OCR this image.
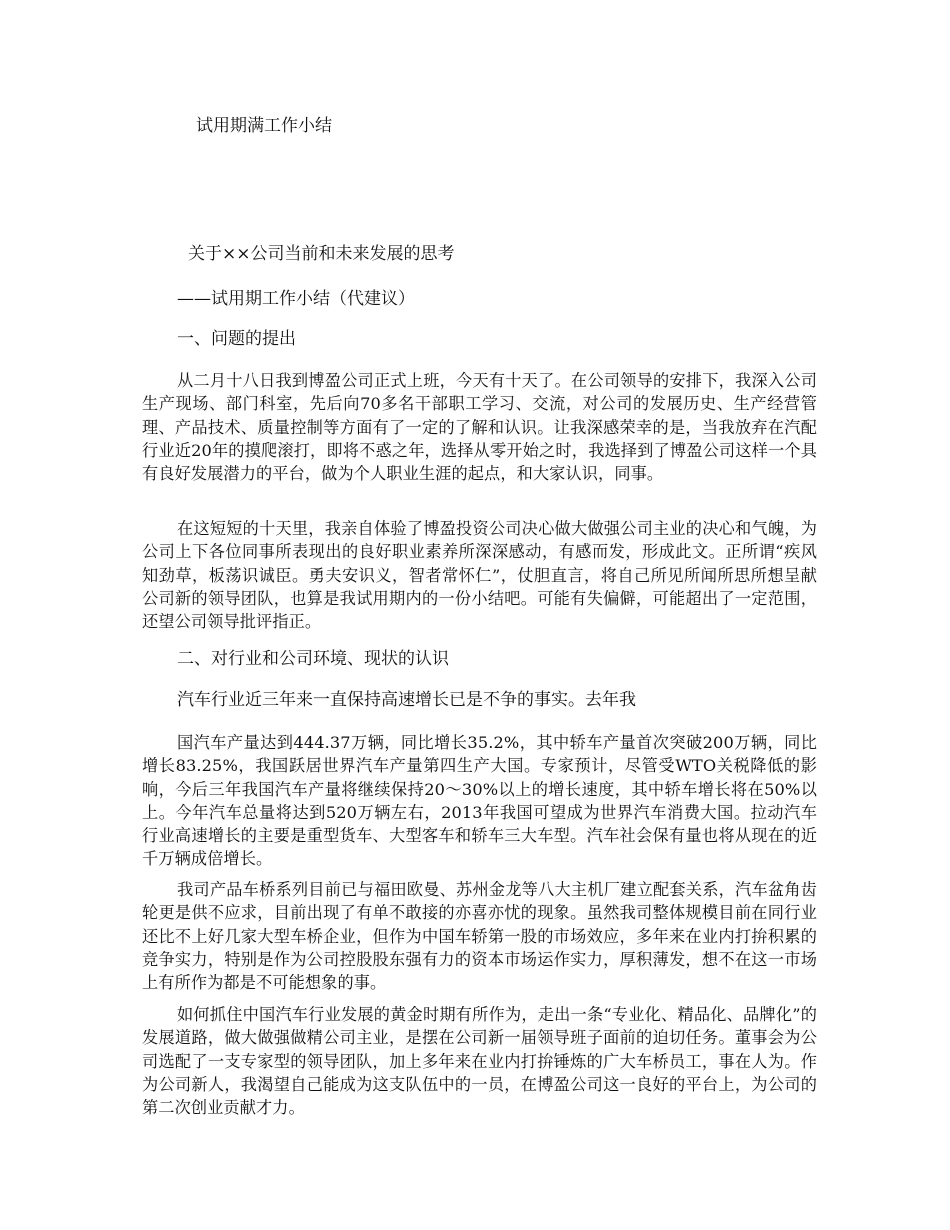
试用期满工作小结

关于××公司当前和未来发展的思考

——试用期工作小结（代建议）

一、问题的提出

从二月十八日我到博盈公司正式上班，今天有十天了。在公司领导的安排下，我深入公司生产现场、部门科室，先后向70多名干部职工学习、交流，对公司的发展历史、生产经营管理、产品技术、质量控制等方面有了一定的了解和认识。让我深感荣幸的是，当我放弃在汽配行业近20年的摸爬滚打，即将不惑之年，选择从零开始之时，我选择到了博盈公司这样一个具有良好发展潜力的平台，做为个人职业生涯的起点，和大家认识，同事。

在这短短的十天里，我亲自体验了博盈投资公司决心做大做强公司主业的决心和气魄，为公司上下各位同事所表现出的良好职业素养所深深感动，有感而发，形成此文。正所谓“疾风知劲草，板荡识诚臣。勇夫安识义，智者常怀仁”，仗胆直言，将自己所见所闻所思所想呈献公司新的领导团队，也算是我试用期内的一份小结吧。可能有失偏僻，可能超出了一定范围，还望公司领导批评指正。

二、对行业和公司环境、现状的认识

汽车行业近三年来一直保持高速增长已是不争的事实。去年我

国汽车产量达到444.37万辆，同比增长35.2%，其中轿车产量首次突破200万辆，同比增长83.25%，我国跃居世界汽车产量第四生产大国。专家预计，尽管受WTO关税降低的影响，今后三年我国汽车产量将继续保持20～30%以上的增长速度，其中轿车增长将在50%以上。今年汽车总量将达到520万辆左右，2013年我国可望成为世界汽车消费大国。拉动汽车行业高速增长的主要是重型货车、大型客车和轿车三大车型。汽车社会保有量也将从现在的近千万辆成倍增长。

我司产品车桥系列目前已与福田欧曼、苏州金龙等八大主机厂建立配套关系，汽车盆角齿轮更是供不应求，目前出现了有单不敢接的亦喜亦忧的现象。虽然我司整体规模目前在同行业还比不上好几家大型车桥企业，但作为中国车轿第一股的市场效应，多年来在业内打拚积累的竞争实力，特别是作为公司控股股东强有力的资本市场运作实力，厚积薄发，想不在这一市场上有所作为都是不可能想象的事。

如何抓住中国汽车行业发展的黄金时期有所作为，走出一条“专业化、精品化、品牌化”的发展道路，做大做强做精公司主业，是摆在公司新一届领导班子面前的迫切任务。董事会为公司选配了一支专家型的领导团队，加上多年来在业内打拚锤炼的广大车桥员工，事在人为。作为公司新人，我渴望自己能成为这支队伍中的一员，在博盈公司这一良好的平台上，为公司的第二次创业贡献才力。
